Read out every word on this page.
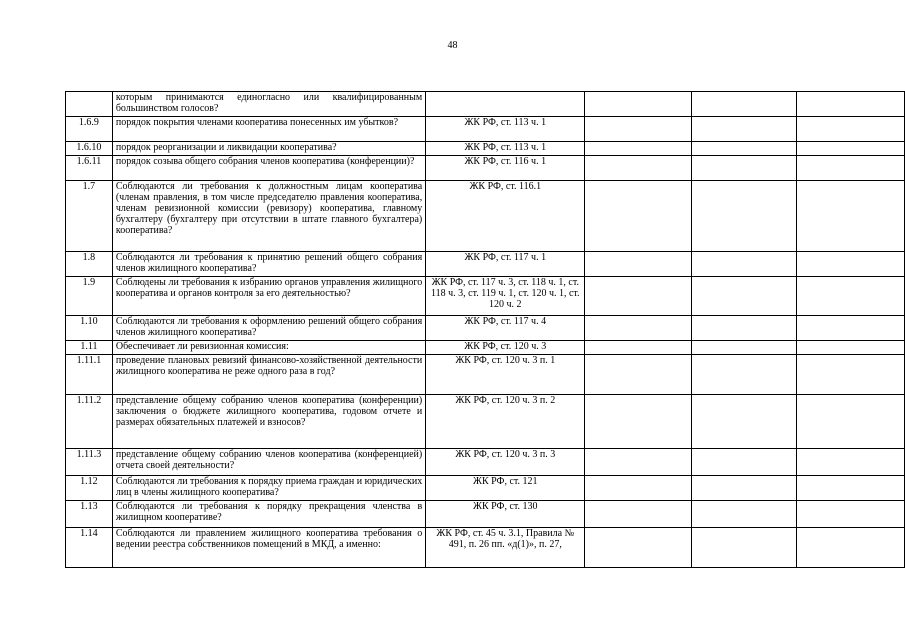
48
	которым принимаются единогласно или квалифицированным большинством голосов?				
1.6.9	порядок покрытия членами кооператива понесенных им убытков?	ЖК РФ, ст. 113 ч. 1			
1.6.10	порядок реорганизации и ликвидации кооператива?	ЖК РФ, ст. 113 ч. 1			
1.6.11	порядок созыва общего собрания членов кооператива (конференции)?	ЖК РФ, ст. 116 ч. 1			
1.7	Соблюдаются ли требования к должностным лицам кооператива (членам правления, в том числе председателю правления кооператива, членам ревизионной комиссии (ревизору) кооператива, главному бухгалтеру (бухгалтеру при отсутствии в штате главного бухгалтера) кооператива?	ЖК РФ, ст. 116.1			
1.8	Соблюдаются ли требования к принятию решений общего собрания членов жилищного кооператива?	ЖК РФ, ст. 117 ч. 1			
1.9	Соблюдены ли требования к избранию органов управления жилищного кооператива и органов контроля за его деятельностью?	ЖК РФ, ст. 117 ч. 3, ст. 118 ч. 1, ст. 118 ч. 3, ст. 119 ч. 1, ст. 120 ч. 1, ст. 120 ч. 2			
1.10	Соблюдаются ли требования к оформлению решений общего собрания членов жилищного кооператива?	ЖК РФ, ст. 117 ч. 4			
1.11	Обеспечивает ли ревизионная комиссия:	ЖК РФ, ст. 120 ч. 3			
1.11.1	проведение плановых ревизий финансово-хозяйственной деятельности жилищного кооператива не реже одного раза в год?	ЖК РФ, ст. 120 ч. 3 п. 1			
1.11.2	представление общему собранию членов кооператива (конференции) заключения о бюджете жилищного кооператива, годовом отчете и размерах обязательных платежей и взносов?	ЖК РФ, ст. 120 ч. 3 п. 2			
1.11.3	представление общему собранию членов кооператива (конференцией) отчета своей деятельности?	ЖК РФ, ст. 120 ч. 3 п. 3			
1.12	Соблюдаются ли требования к порядку приема граждан и юридических лиц в члены жилищного кооператива?	ЖК РФ, ст. 121			
1.13	Соблюдаются ли требования к порядку прекращения членства в жилищном кооперативе?	ЖК РФ, ст. 130			
1.14	Соблюдаются ли правлением жилищного кооператива требования о ведении реестра собственников помещений в МКД, а именно:	ЖК РФ, ст. 45 ч. 3.1, Правила № 491, п. 26 пп. «д(1)», п. 27,			
